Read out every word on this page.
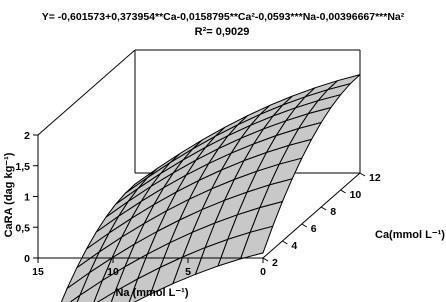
Y= -0,601573+0,373954**Ca-0,0158795**Ca²-0,0593***Na-0,00396667***Na²
R²= 0,9029
0
0,5
1
1,5
2
15	10	5	0
2
4
6
8
10
12
CaRA (dag kg⁻¹)
Na (mmol L⁻¹)
Ca(mmol L⁻¹)
